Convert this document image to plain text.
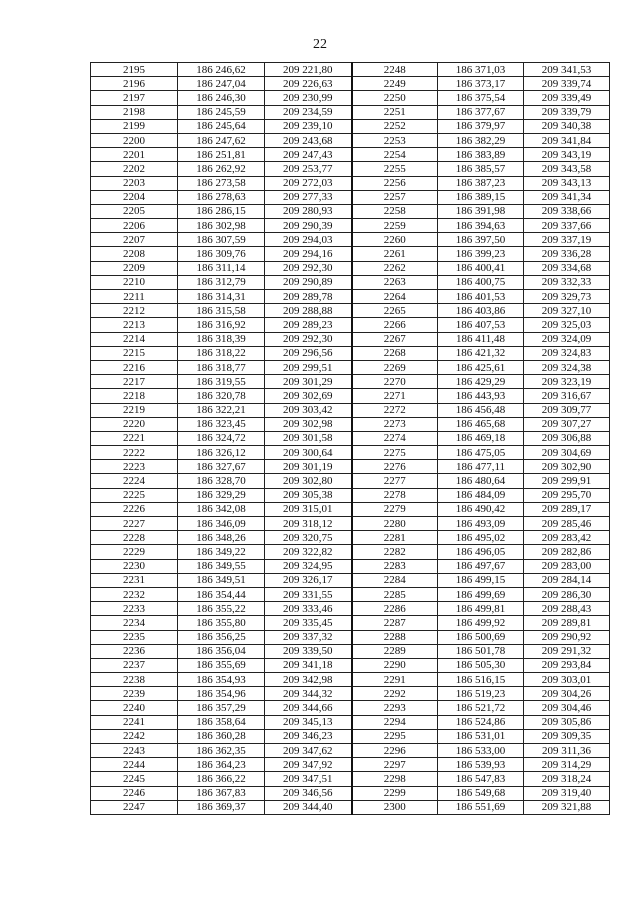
22
2195	186 246,62	209 221,80	2248	186 371,03	209 341,53
2196	186 247,04	209 226,63	2249	186 373,17	209 339,74
2197	186 246,30	209 230,99	2250	186 375,54	209 339,49
2198	186 245,59	209 234,59	2251	186 377,67	209 339,79
2199	186 245,64	209 239,10	2252	186 379,97	209 340,38
2200	186 247,62	209 243,68	2253	186 382,29	209 341,84
2201	186 251,81	209 247,43	2254	186 383,89	209 343,19
2202	186 262,92	209 253,77	2255	186 385,57	209 343,58
2203	186 273,58	209 272,03	2256	186 387,23	209 343,13
2204	186 278,63	209 277,33	2257	186 389,15	209 341,34
2205	186 286,15	209 280,93	2258	186 391,98	209 338,66
2206	186 302,98	209 290,39	2259	186 394,63	209 337,66
2207	186 307,59	209 294,03	2260	186 397,50	209 337,19
2208	186 309,76	209 294,16	2261	186 399,23	209 336,28
2209	186 311,14	209 292,30	2262	186 400,41	209 334,68
2210	186 312,79	209 290,89	2263	186 400,75	209 332,33
2211	186 314,31	209 289,78	2264	186 401,53	209 329,73
2212	186 315,58	209 288,88	2265	186 403,86	209 327,10
2213	186 316,92	209 289,23	2266	186 407,53	209 325,03
2214	186 318,39	209 292,30	2267	186 411,48	209 324,09
2215	186 318,22	209 296,56	2268	186 421,32	209 324,83
2216	186 318,77	209 299,51	2269	186 425,61	209 324,38
2217	186 319,55	209 301,29	2270	186 429,29	209 323,19
2218	186 320,78	209 302,69	2271	186 443,93	209 316,67
2219	186 322,21	209 303,42	2272	186 456,48	209 309,77
2220	186 323,45	209 302,98	2273	186 465,68	209 307,27
2221	186 324,72	209 301,58	2274	186 469,18	209 306,88
2222	186 326,12	209 300,64	2275	186 475,05	209 304,69
2223	186 327,67	209 301,19	2276	186 477,11	209 302,90
2224	186 328,70	209 302,80	2277	186 480,64	209 299,91
2225	186 329,29	209 305,38	2278	186 484,09	209 295,70
2226	186 342,08	209 315,01	2279	186 490,42	209 289,17
2227	186 346,09	209 318,12	2280	186 493,09	209 285,46
2228	186 348,26	209 320,75	2281	186 495,02	209 283,42
2229	186 349,22	209 322,82	2282	186 496,05	209 282,86
2230	186 349,55	209 324,95	2283	186 497,67	209 283,00
2231	186 349,51	209 326,17	2284	186 499,15	209 284,14
2232	186 354,44	209 331,55	2285	186 499,69	209 286,30
2233	186 355,22	209 333,46	2286	186 499,81	209 288,43
2234	186 355,80	209 335,45	2287	186 499,92	209 289,81
2235	186 356,25	209 337,32	2288	186 500,69	209 290,92
2236	186 356,04	209 339,50	2289	186 501,78	209 291,32
2237	186 355,69	209 341,18	2290	186 505,30	209 293,84
2238	186 354,93	209 342,98	2291	186 516,15	209 303,01
2239	186 354,96	209 344,32	2292	186 519,23	209 304,26
2240	186 357,29	209 344,66	2293	186 521,72	209 304,46
2241	186 358,64	209 345,13	2294	186 524,86	209 305,86
2242	186 360,28	209 346,23	2295	186 531,01	209 309,35
2243	186 362,35	209 347,62	2296	186 533,00	209 311,36
2244	186 364,23	209 347,92	2297	186 539,93	209 314,29
2245	186 366,22	209 347,51	2298	186 547,83	209 318,24
2246	186 367,83	209 346,56	2299	186 549,68	209 319,40
2247	186 369,37	209 344,40	2300	186 551,69	209 321,88
